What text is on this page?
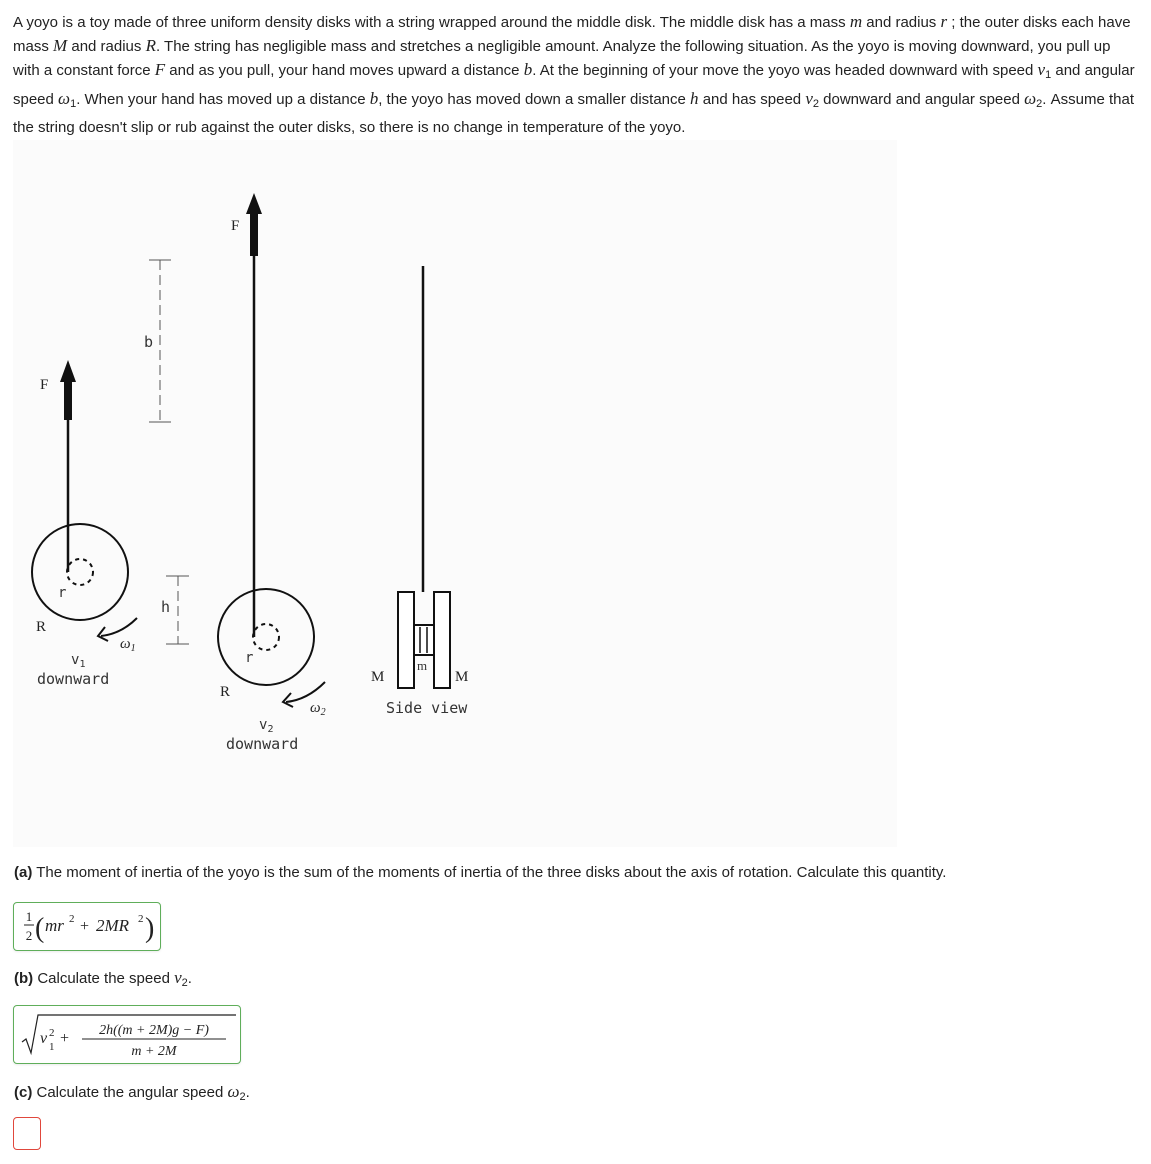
A yoyo is a toy made of three uniform density disks with a string wrapped around the middle disk. The middle disk has a mass m and radius r ; the outer disks each have mass M and radius R. The string has negligible mass and stretches a negligible amount. Analyze the following situation. As the yoyo is moving downward, you pull up with a constant force F and as you pull, your hand moves upward a distance b. At the beginning of your move the yoyo was headed downward with speed $v_1$ and angular speed $\omega_1$. When your hand has moved up a distance b, the yoyo has moved down a smaller distance h and has speed $v_2$ downward and angular speed $\omega_2$. Assume that the string doesn't slip or rub against the outer disks, so there is no change in temperature of the yoyo.
F
r
R
$\omega_1$
$v_1$
downward
b
h
F
r
R
$\omega_2$
$v_2$
downward
m
M	M
Side view
(a) The moment of inertia of the yoyo is the sum of the moments of inertia of the three disks about the axis of rotation. Calculate this quantity.
1
2 ( mr 2 + 2MR 2 )
(b) Calculate the speed $v_2$.
v 2
1 + 2h((m + 2M)g − F)
m + 2M
(c) Calculate the angular speed $\omega_2$.
